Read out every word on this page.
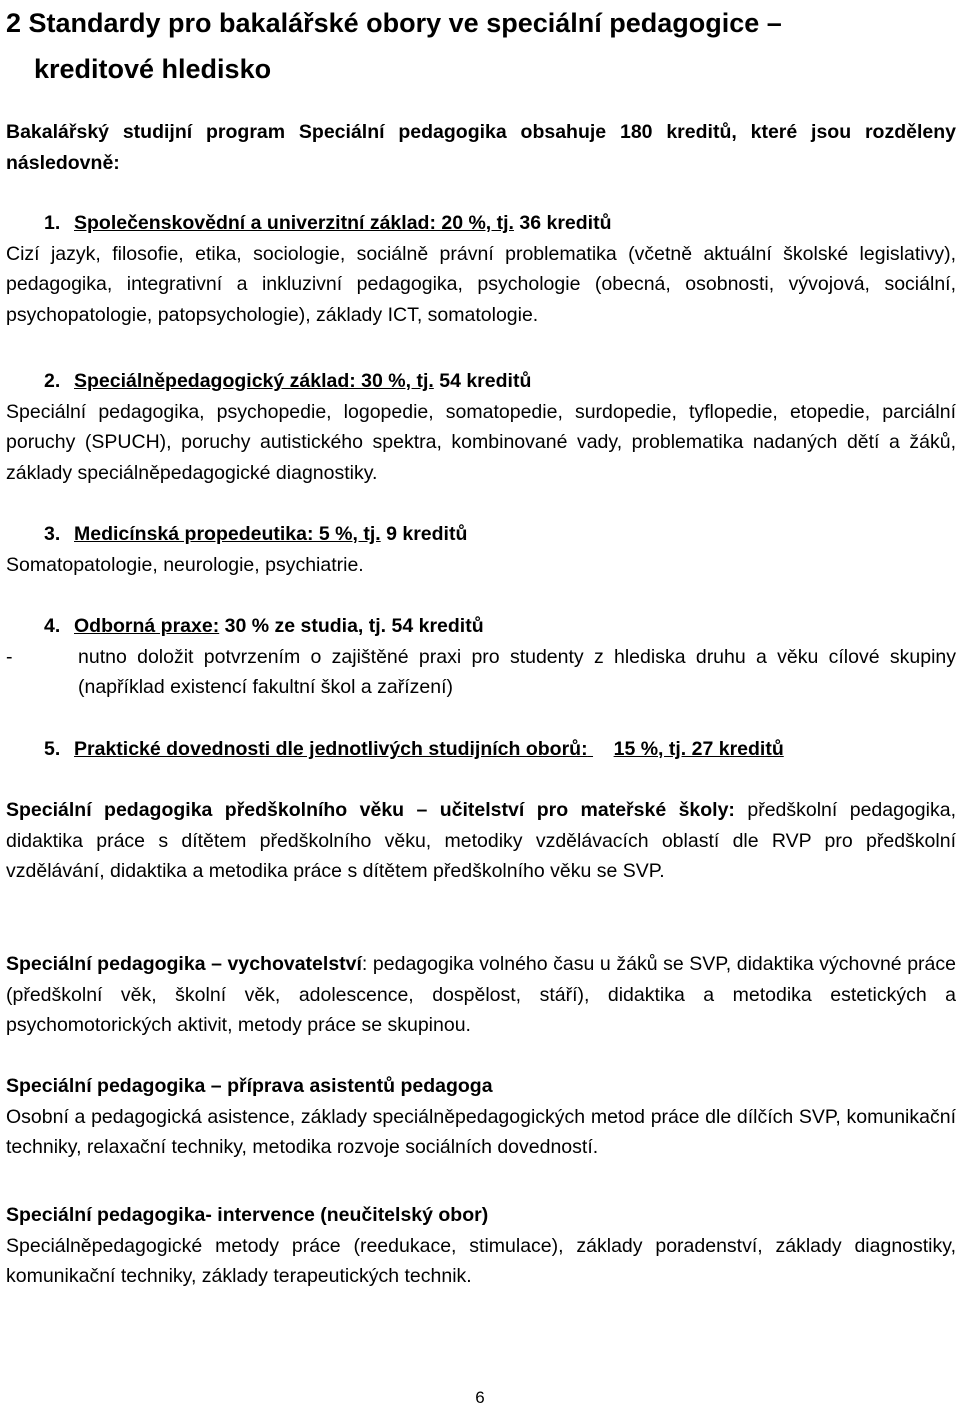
2 Standardy pro bakalářské obory ve speciální pedagogice –
kreditové hledisko
Bakalářský studijní program Speciální pedagogika obsahuje 180 kreditů, které jsou rozděleny následovně:
1. Společenskovědní a univerzitní základ: 20 %, tj. 36 kreditů
Cizí jazyk, filosofie, etika, sociologie, sociálně právní problematika (včetně aktuální školské legislativy), pedagogika, integrativní a inkluzivní pedagogika, psychologie (obecná, osobnosti, vývojová, sociální, psychopatologie, patopsychologie), základy ICT, somatologie.
2. Speciálněpedagogický základ: 30 %, tj. 54 kreditů
Speciální pedagogika, psychopedie, logopedie, somatopedie, surdopedie, tyflopedie, etopedie, parciální poruchy (SPUCH), poruchy autistického spektra, kombinované vady, problematika nadaných dětí a žáků, základy speciálněpedagogické diagnostiky.
3. Medicínská propedeutika: 5 %, tj. 9 kreditů
Somatopatologie, neurologie, psychiatrie.
4. Odborná praxe: 30 % ze studia, tj. 54 kreditů
-	nutno doložit potvrzením o zajištěné praxi pro studenty z hlediska druhu a věku cílové skupiny (například existencí fakultní škol a zařízení)
5. Praktické dovednosti dle jednotlivých studijních oborů: 15 %, tj. 27 kreditů
Speciální pedagogika předškolního věku – učitelství pro mateřské školy: předškolní pedagogika, didaktika práce s dítětem předškolního věku, metodiky vzdělávacích oblastí dle RVP pro předškolní vzdělávání, didaktika a metodika práce s dítětem předškolního věku se SVP.
Speciální pedagogika – vychovatelství: pedagogika volného času u žáků se SVP, didaktika výchovné práce (předškolní věk, školní věk, adolescence, dospělost, stáří), didaktika a metodika estetických a psychomotorických aktivit, metody práce se skupinou.
Speciální pedagogika – příprava asistentů pedagoga
Osobní a pedagogická asistence, základy speciálněpedagogických metod práce dle dílčích SVP, komunikační techniky, relaxační techniky, metodika rozvoje sociálních dovedností.
Speciální pedagogika- intervence (neučitelský obor)
Speciálněpedagogické metody práce (reedukace, stimulace), základy poradenství, základy diagnostiky, komunikační techniky, základy terapeutických technik.
6
